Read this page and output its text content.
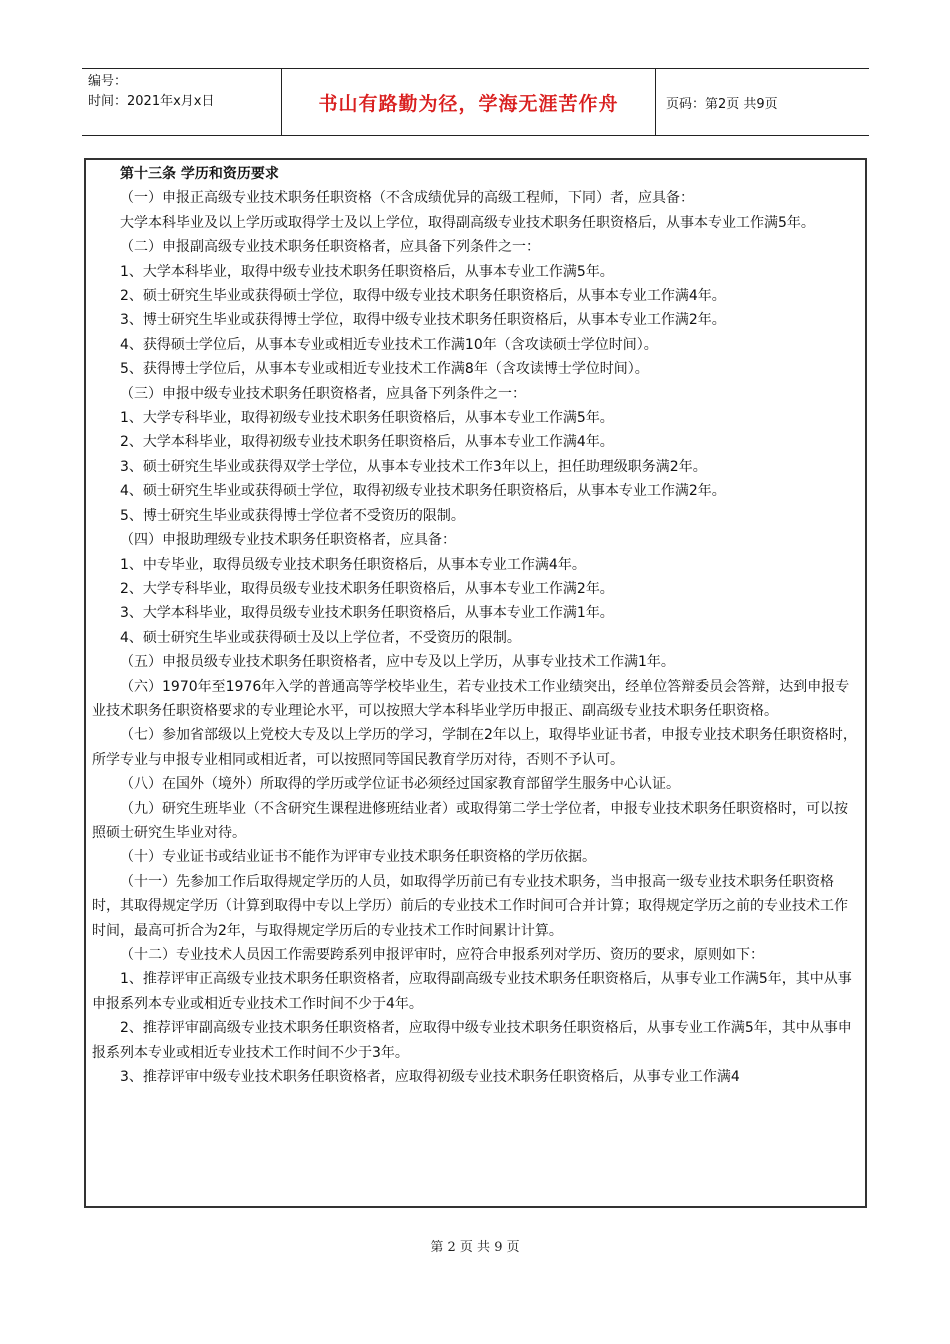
编号：
时间：2021年x月x日	书山有路勤为径，学海无涯苦作舟	页码：第2页 共9页

第十三条 学历和资历要求

（一）申报正高级专业技术职务任职资格（不含成绩优异的高级工程师，下同）者，应具备：

大学本科毕业及以上学历或取得学士及以上学位，取得副高级专业技术职务任职资格后，从事本专业工作满5年。

（二）申报副高级专业技术职务任职资格者，应具备下列条件之一：

1、大学本科毕业，取得中级专业技术职务任职资格后，从事本专业工作满5年。

2、硕士研究生毕业或获得硕士学位，取得中级专业技术职务任职资格后，从事本专业工作满4年。

3、博士研究生毕业或获得博士学位，取得中级专业技术职务任职资格后，从事本专业工作满2年。

4、获得硕士学位后，从事本专业或相近专业技术工作满10年（含攻读硕士学位时间）。

5、获得博士学位后，从事本专业或相近专业技术工作满8年（含攻读博士学位时间）。

（三）申报中级专业技术职务任职资格者，应具备下列条件之一：

1、大学专科毕业，取得初级专业技术职务任职资格后，从事本专业工作满5年。

2、大学本科毕业，取得初级专业技术职务任职资格后，从事本专业工作满4年。

3、硕士研究生毕业或获得双学士学位，从事本专业技术工作3年以上，担任助理级职务满2年。

4、硕士研究生毕业或获得硕士学位，取得初级专业技术职务任职资格后，从事本专业工作满2年。

5、博士研究生毕业或获得博士学位者不受资历的限制。

（四）申报助理级专业技术职务任职资格者，应具备：

1、中专毕业，取得员级专业技术职务任职资格后，从事本专业工作满4年。

2、大学专科毕业，取得员级专业技术职务任职资格后，从事本专业工作满2年。

3、大学本科毕业，取得员级专业技术职务任职资格后，从事本专业工作满1年。

4、硕士研究生毕业或获得硕士及以上学位者，不受资历的限制。

（五）申报员级专业技术职务任职资格者，应中专及以上学历，从事专业技术工作满1年。

（六）1970年至1976年入学的普通高等学校毕业生，若专业技术工作业绩突出，经单位答辩委员会答辩，达到申报专业技术职务任职资格要求的专业理论水平，可以按照大学本科毕业学历申报正、副高级专业技术职务任职资格。

（七）参加省部级以上党校大专及以上学历的学习，学制在2年以上，取得毕业证书者，申报专业技术职务任职资格时，所学专业与申报专业相同或相近者，可以按照同等国民教育学历对待，否则不予认可。

（八）在国外（境外）所取得的学历或学位证书必须经过国家教育部留学生服务中心认证。

（九）研究生班毕业（不含研究生课程进修班结业者）或取得第二学士学位者，申报专业技术职务任职资格时，可以按照硕士研究生毕业对待。

（十）专业证书或结业证书不能作为评审专业技术职务任职资格的学历依据。

（十一）先参加工作后取得规定学历的人员，如取得学历前已有专业技术职务，当申报高一级专业技术职务任职资格时，其取得规定学历（计算到取得中专以上学历）前后的专业技术工作时间可合并计算；取得规定学历之前的专业技术工作时间，最高可折合为2年，与取得规定学历后的专业技术工作时间累计计算。

（十二）专业技术人员因工作需要跨系列申报评审时，应符合申报系列对学历、资历的要求，原则如下：

1、推荐评审正高级专业技术职务任职资格者，应取得副高级专业技术职务任职资格后，从事专业工作满5年，其中从事申报系列本专业或相近专业技术工作时间不少于4年。

2、推荐评审副高级专业技术职务任职资格者，应取得中级专业技术职务任职资格后，从事专业工作满5年，其中从事申报系列本专业或相近专业技术工作时间不少于3年。

3、推荐评审中级专业技术职务任职资格者，应取得初级专业技术职务任职资格后，从事专业工作满4

第 2 页 共 9 页
